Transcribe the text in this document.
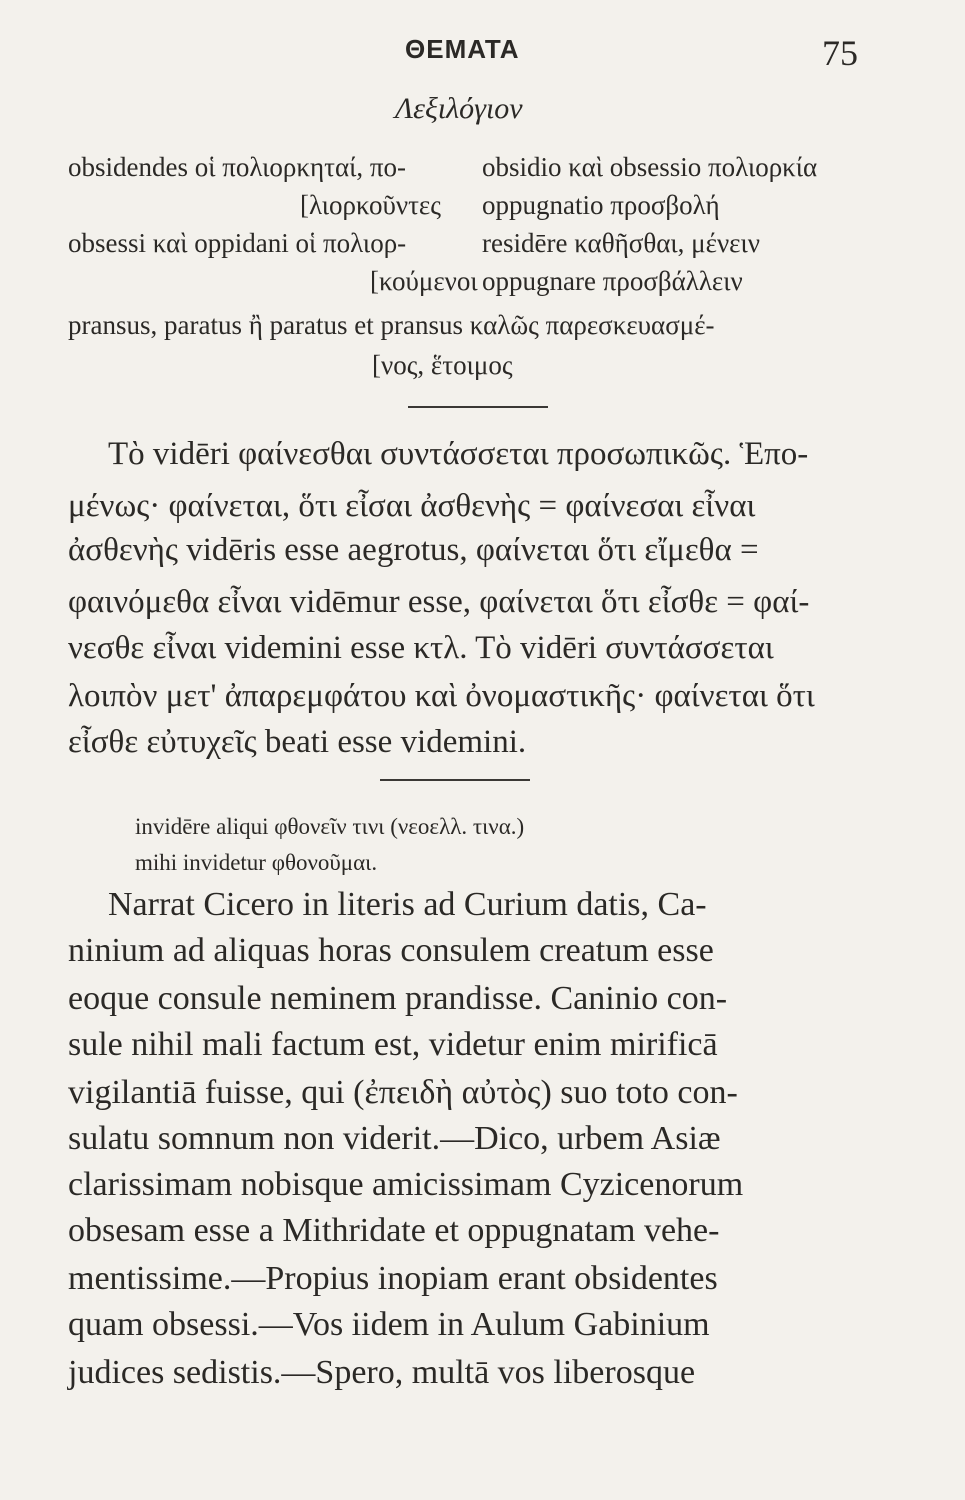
ΘΕΜΑΤΑ	75
Λεξιλόγιον
obsidendes οἱ πολιορκηταί, πο-	obsidio καὶ obsessio πολιορκία
[λιορκοῦντες oppugnatio προσβολή
obsessi καὶ oppidani οἱ πολιορ-	residēre καθῆσθαι, μένειν
[κούμενοι oppugnare προσβάλλειν
pransus, paratus ἢ paratus et pransus καλῶς παρεσκευασμέ-
[νος, ἕτοιμος
Τὸ vidēri φαίνεσθαι συντάσσεται προσωπικῶς. Ἑπο-
μένως· φαίνεται, ὅτι εἶσαι ἀσθενὴς = φαίνεσαι εἶναι
ἀσθενὴς vidēris esse aegrotus, φαίνεται ὅτι εἴμεθα =
φαινόμεθα εἶναι vidēmur esse, φαίνεται ὅτι εἶσθε = φαί-
νεσθε εἶναι videmini esse κτλ. Τὸ vidēri συντάσσεται
λοιπὸν μετ' ἀπαρεμφάτου καὶ ὀνομαστικῆς· φαίνεται ὅτι
εἶσθε εὐτυχεῖς beati esse videmini.
invidēre aliqui φθονεῖν τινι (νεοελλ. τινα.)
mihi invidetur φθονοῦμαι.
Narrat Cicero in literis ad Curium datis, Ca-
ninium ad aliquas horas consulem creatum esse
eoque consule neminem prandisse. Caninio con-
sule nihil mali factum est, videtur enim mirificā
vigilantiā fuisse, qui (ἐπειδὴ αὐτὸς) suo toto con-
sulatu somnum non viderit.—Dico, urbem Asiæ
clarissimam nobisque amicissimam Cyzicenorum
obsesam esse a Mithridate et oppugnatam vehe-
mentissime.—Propius inopiam erant obsidentes
quam obsessi.—Vos iidem in Aulum Gabinium
judices sedistis.—Spero, multā vos liberosque
